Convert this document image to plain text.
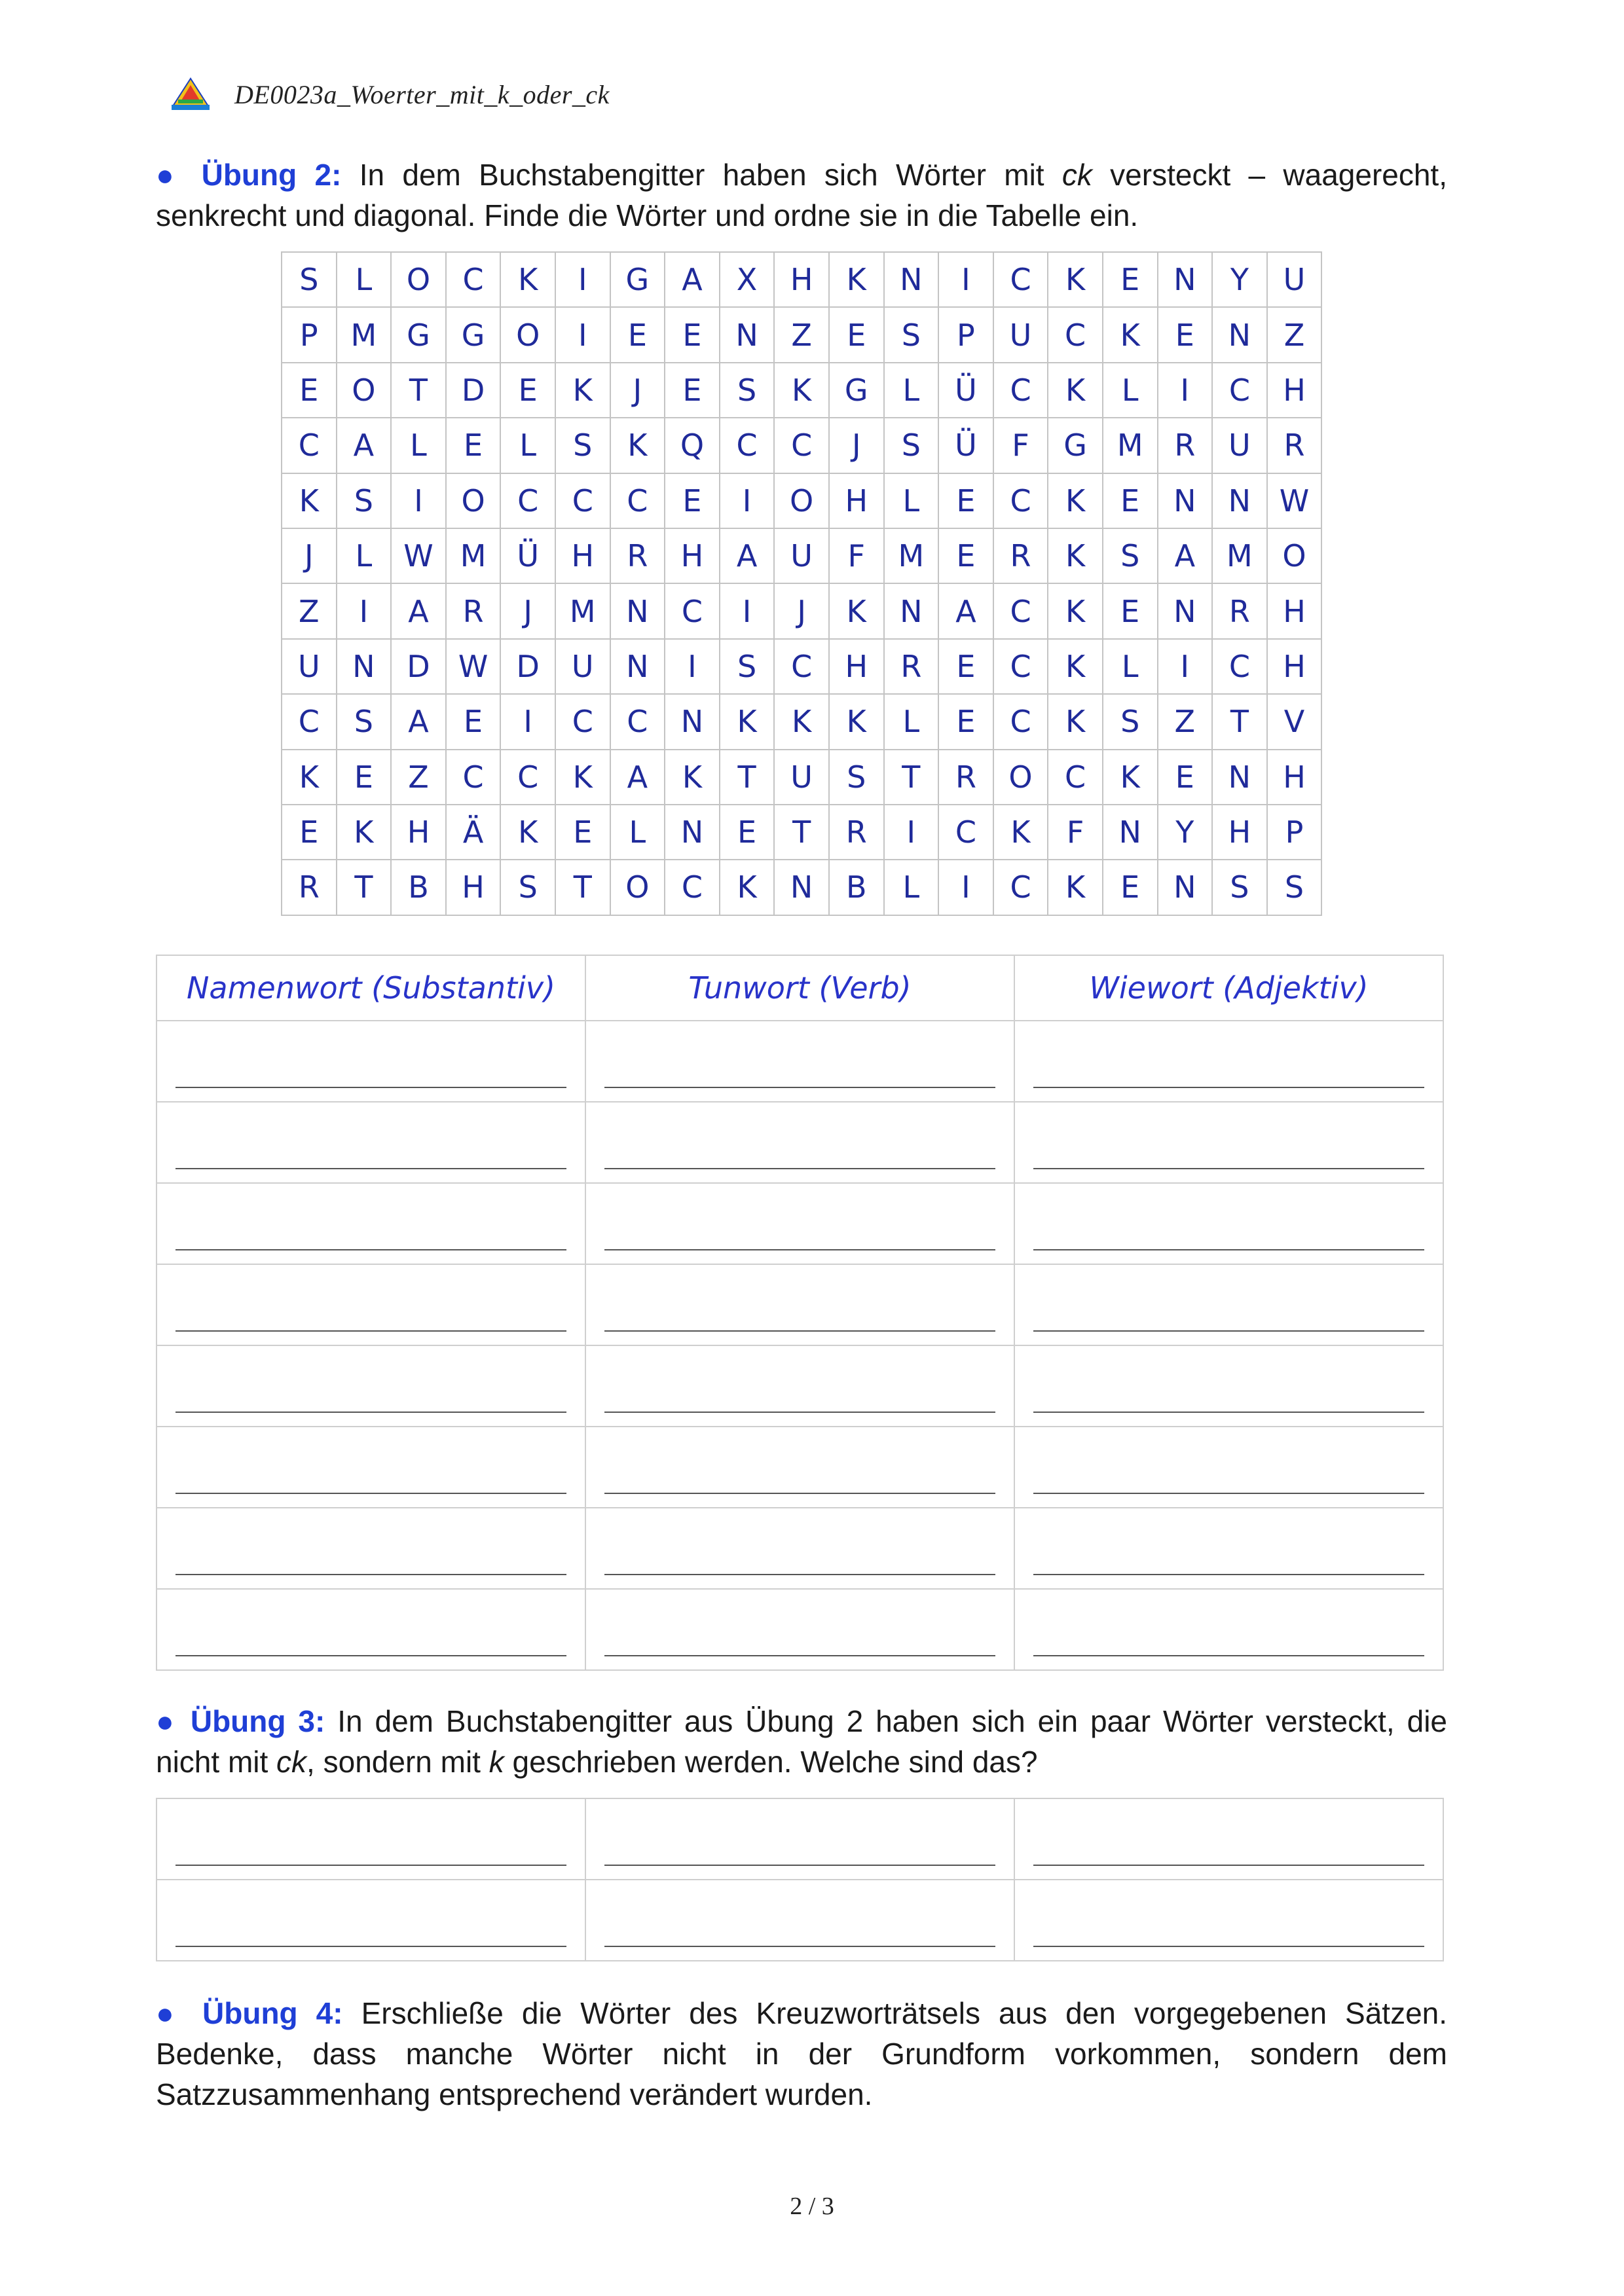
DE0023a_Woerter_mit_k_oder_ck
● Übung 2: In dem Buchstabengitter haben sich Wörter mit ck versteckt – waagerecht, senkrecht und diagonal. Finde die Wörter und ordne sie in die Tabelle ein.
S	L	O	C	K	I	G	A	X	H	K	N	I	C	K	E	N	Y	U
P	M	G	G	O	I	E	E	N	Z	E	S	P	U	C	K	E	N	Z
E	O	T	D	E	K	J	E	S	K	G	L	Ü	C	K	L	I	C	H
C	A	L	E	L	S	K	Q	C	C	J	S	Ü	F	G	M	R	U	R
K	S	I	O	C	C	C	E	I	O	H	L	E	C	K	E	N	N	W
J	L	W	M	Ü	H	R	H	A	U	F	M	E	R	K	S	A	M	O
Z	I	A	R	J	M	N	C	I	J	K	N	A	C	K	E	N	R	H
U	N	D	W	D	U	N	I	S	C	H	R	E	C	K	L	I	C	H
C	S	A	E	I	C	C	N	K	K	K	L	E	C	K	S	Z	T	V
K	E	Z	C	C	K	A	K	T	U	S	T	R	O	C	K	E	N	H
E	K	H	Ä	K	E	L	N	E	T	R	I	C	K	F	N	Y	H	P
R	T	B	H	S	T	O	C	K	N	B	L	I	C	K	E	N	S	S
Namenwort (Substantiv)	Tunwort (Verb)	Wiewort (Adjektiv)

● Übung 3: In dem Buchstabengitter aus Übung 2 haben sich ein paar Wörter versteckt, die nicht mit ck, sondern mit k geschrieben werden. Welche sind das?

● Übung 4: Erschließe die Wörter des Kreuzworträtsels aus den vorgegebenen Sätzen. Bedenke, dass manche Wörter nicht in der Grundform vorkommen, sondern dem Satzzusammenhang entsprechend verändert wurden.
2 / 3
